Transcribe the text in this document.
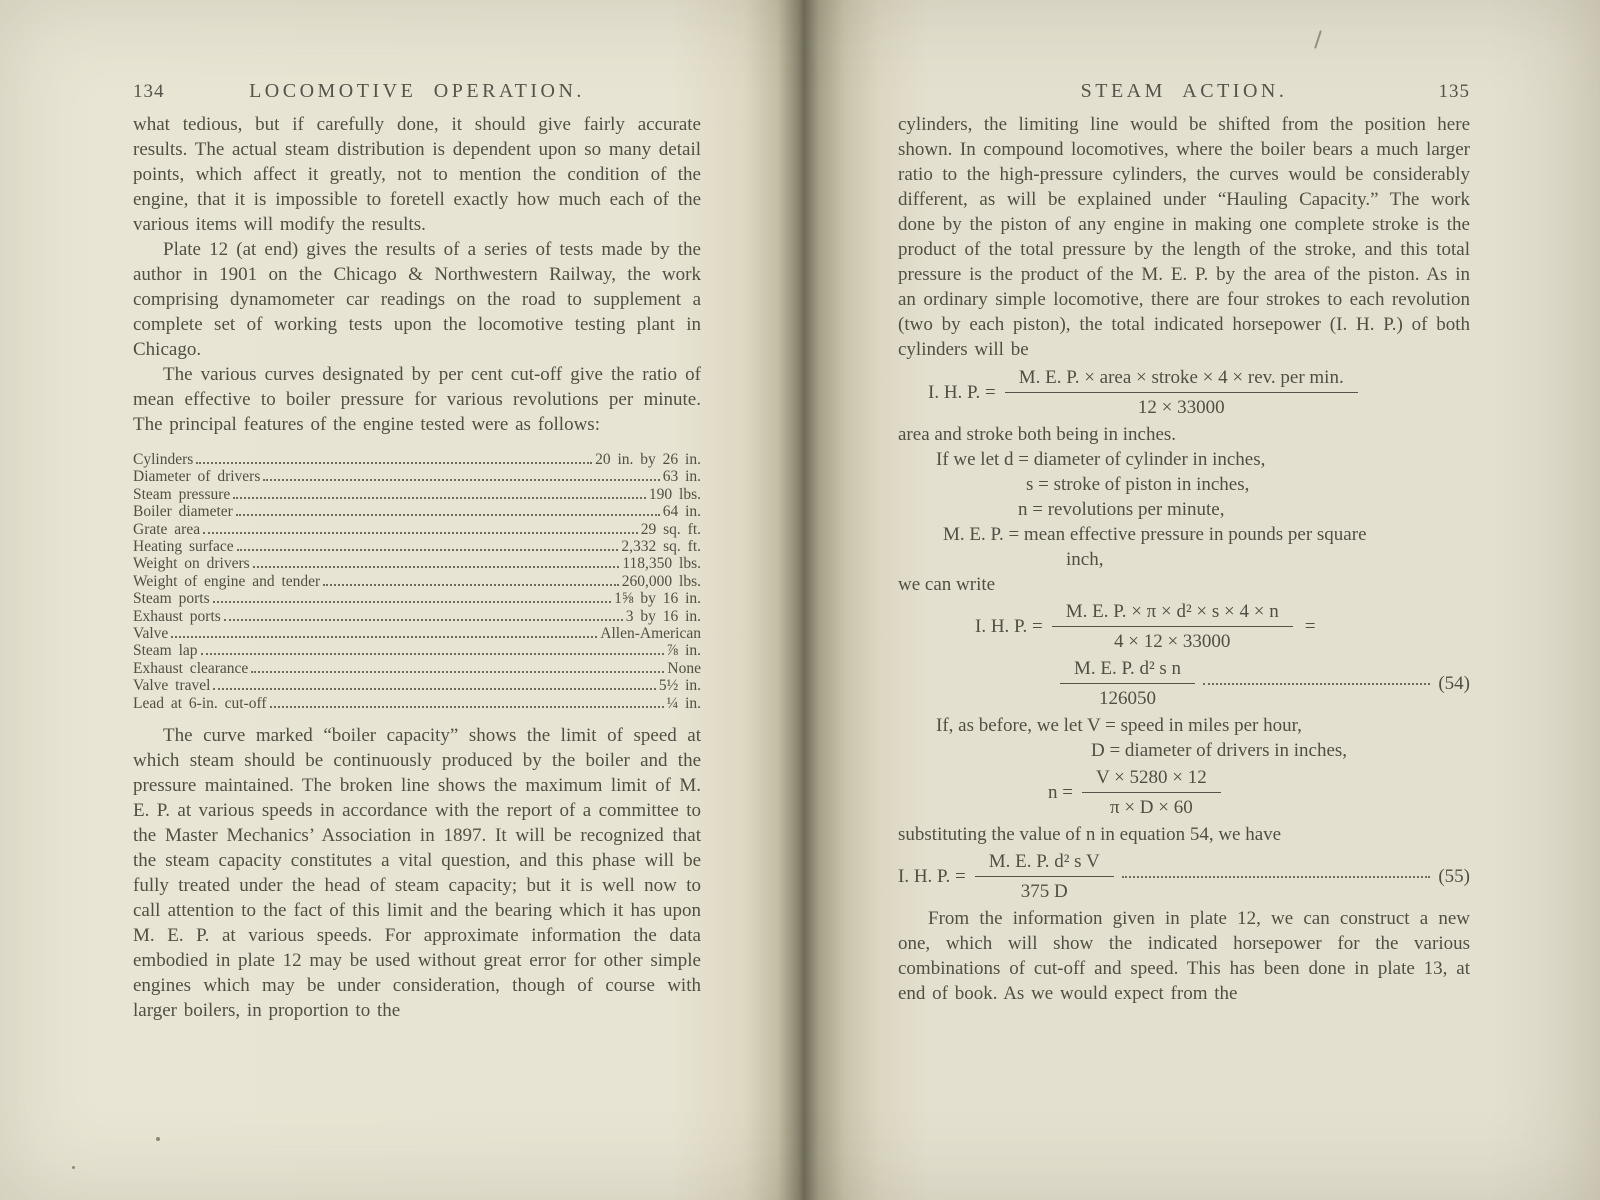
134	LOCOMOTIVE OPERATION.	STEAM ACTION.	135

what tedious, but if carefully done, it should give fairly accurate results. The actual steam distribution is dependent upon so many detail points, which affect it greatly, not to mention the condition of the engine, that it is impossible to foretell exactly how much each of the various items will modify the results.

Plate 12 (at end) gives the results of a series of tests made by the author in 1901 on the Chicago & Northwestern Railway, the work comprising dynamometer car readings on the road to supplement a complete set of working tests upon the locomotive testing plant in Chicago.

The various curves designated by per cent cut-off give the ratio of mean effective to boiler pressure for various revolutions per minute. The principal features of the engine tested were as follows:

Cylinders	20 in. by 26 in.
Diameter of drivers	63 in.
Steam pressure	190 lbs.
Boiler diameter	64 in.
Grate area	29 sq. ft.
Heating surface	2,332 sq. ft.
Weight on drivers	118,350 lbs.
Weight of engine and tender	260,000 lbs.
Steam ports	1⅝ by 16 in.
Exhaust ports	3 by 16 in.
Valve	Allen-American
Steam lap	⅞ in.
Exhaust clearance	None
Valve travel	5½ in.
Lead at 6-in. cut-off	¼ in.

The curve marked “boiler capacity” shows the limit of speed at which steam should be continuously produced by the boiler and the pressure maintained. The broken line shows the maximum limit of M. E. P. at various speeds in accordance with the report of a committee to the Master Mechanics’ Association in 1897. It will be recognized that the steam capacity constitutes a vital question, and this phase will be fully treated under the head of steam capacity; but it is well now to call attention to the fact of this limit and the bearing which it has upon M. E. P. at various speeds. For approximate information the data embodied in plate 12 may be used without great error for other simple engines which may be under consideration, though of course with larger boilers, in proportion to the

cylinders, the limiting line would be shifted from the position here shown. In compound locomotives, where the boiler bears a much larger ratio to the high-pressure cylinders, the curves would be considerably different, as will be explained under “Hauling Capacity.” The work done by the piston of any engine in making one complete stroke is the product of the total pressure by the length of the stroke, and this total pressure is the product of the M. E. P. by the area of the piston. As in an ordinary simple locomotive, there are four strokes to each revolution (two by each piston), the total indicated horsepower (I. H. P.) of both cylinders will be

I. H. P. = $\frac{\text{M. E. P. × area × stroke × 4 × rev. per min.}}{12 \times 33000}$
area and stroke both being in inches.
If we let d = diameter of cylinder in inches,
s = stroke of piston in inches,
n = revolutions per minute,
M. E. P. = mean effective pressure in pounds per square
inch,
we can write
I. H. P. = $\frac{\text{M. E. P. × π × d² × s × 4 × n}}{4 \times 12 \times 33000}$ =
$\frac{\text{M. E. P. d² s n}}{126050}$	(54)
If, as before, we let V = speed in miles per hour,
D = diameter of drivers in inches,
$n = \frac{V \times 5280 \times 12}{\pi \times D \times 60}$
substituting the value of n in equation 54, we have
I. H. P. = $\frac{\text{M. E. P. d² s V}}{375 D}$	(55)

From the information given in plate 12, we can construct a new one, which will show the indicated horsepower for the various combinations of cut-off and speed. This has been done in plate 13, at end of book. As we would expect from the
